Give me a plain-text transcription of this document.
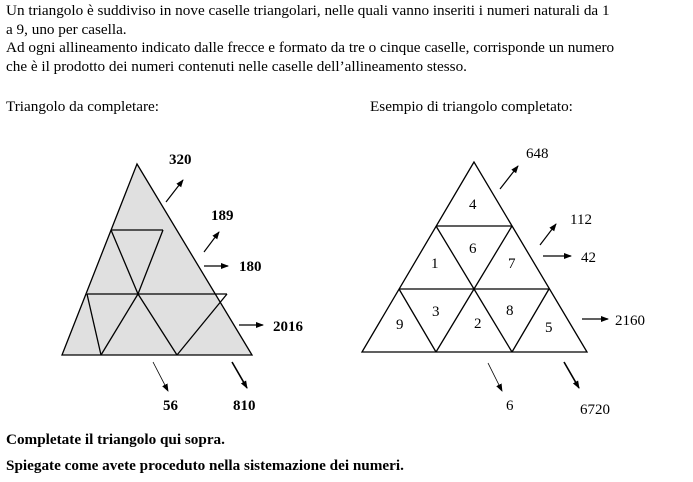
Un triangolo è suddiviso in nove caselle triangolari, nelle quali vanno inseriti i numeri naturali da 1

a 9, uno per casella.

Ad ogni allineamento indicato dalle frecce e formato da tre o cinque caselle, corrisponde un numero

che è il prodotto dei numeri contenuti nelle caselle dell’allineamento stesso.

Triangolo da completare:	Esempio di triangolo completato:
320
189
180
2016
56	810
4
1
6
7
9
3
2
8
5
648
112
42
2160
6	6720
Completate il triangolo qui sopra.
Spiegate come avete proceduto nella sistemazione dei numeri.
